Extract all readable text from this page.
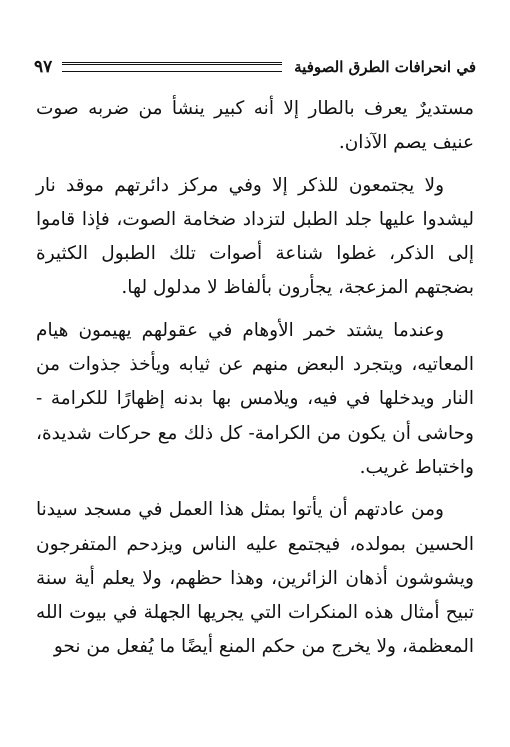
في انحرافات الطرق الصوفية
٩٧

مستديرٌ يعرف بالطار إلا أنه كبير ينشأ من ضربه صوت عنيف يصم الآذان.

ولا يجتمعون للذكر إلا وفي مركز دائرتهم موقد نار ليشدوا عليها جلد الطبل لتزداد ضخامة الصوت، فإذا قاموا إلى الذكر، غطوا شناعة أصوات تلك الطبول الكثيرة بضجتهم المزعجة، يجأرون بألفاظ لا مدلول لها.

وعندما يشتد خمر الأوهام في عقولهم يهيمون هيام المعاتيه، ويتجرد البعض منهم عن ثيابه ويأخذ جذوات من النار ويدخلها في فيه، ويلامس بها بدنه إظهارًا للكرامة - وحاشى أن يكون من الكرامة- كل ذلك مع حركات شديدة، واختباط غريب.

ومن عادتهم أن يأتوا بمثل هذا العمل في مسجد سيدنا الحسين بمولده، فيجتمع عليه الناس ويزدحم المتفرجون ويشوشون أذهان الزائرين، وهذا حظهم، ولا يعلم أية سنة تبيح أمثال هذه المنكرات التي يجريها الجهلة في بيوت الله المعظمة، ولا يخرج من حكم المنع أيضًا ما يُفعل من نحو
